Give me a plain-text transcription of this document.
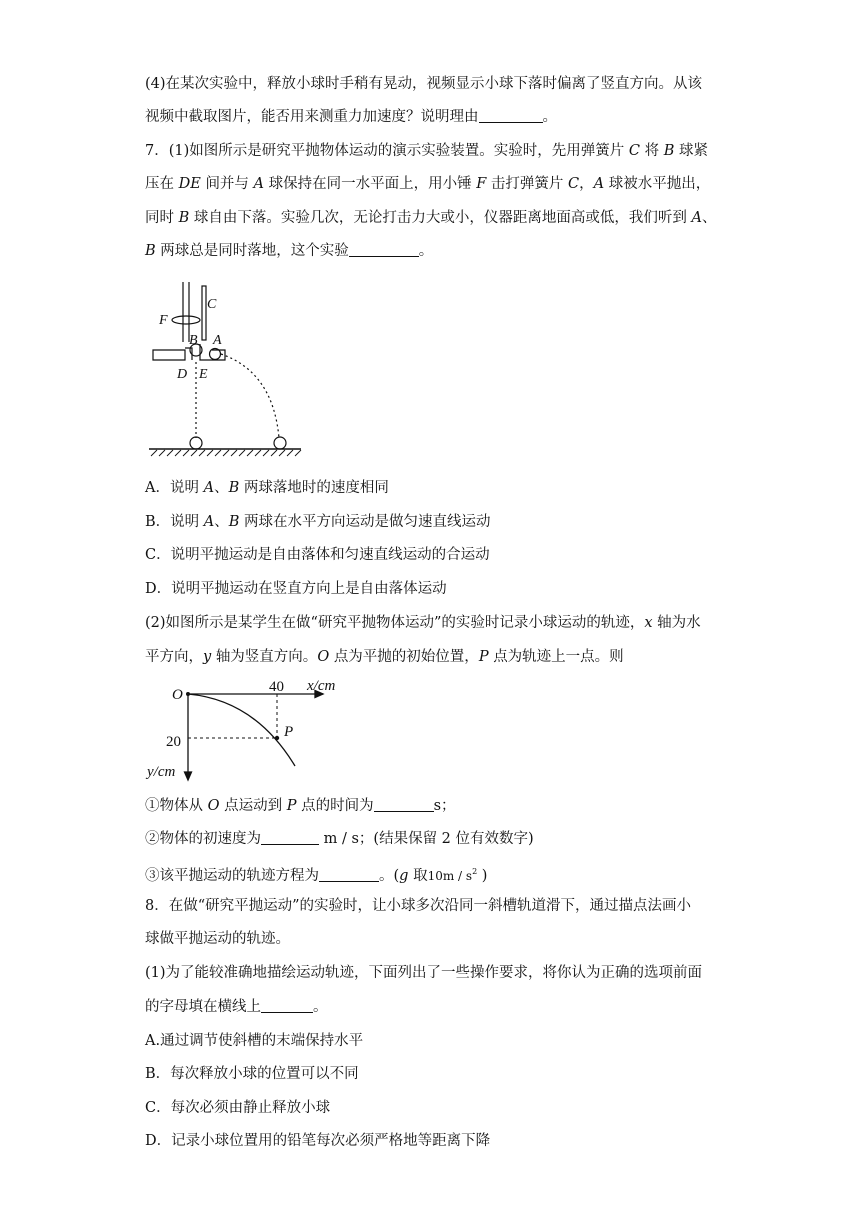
(4)在某次实验中，释放小球时手稍有晃动，视频显示小球下落时偏离了竖直方向。从该
视频中截取图片，能否用来测重力加速度？说明理由	。
7．(1)如图所示是研究平抛物体运动的演示实验装置。实验时，先用弹簧片 C 将 B 球紧
压在 DE 间并与 A 球保持在同一水平面上，用小锤 F 击打弹簧片 C，A 球被水平抛出，
同时 B 球自由下落。实验几次，无论打击力大或小，仪器距离地面高或低，我们听到 A、
B 两球总是同时落地，这个实验	。
C
F
B A
D E
A．说明 A、B 两球落地时的速度相同
B．说明 A、B 两球在水平方向运动是做匀速直线运动
C．说明平抛运动是自由落体和匀速直线运动的合运动
D．说明平抛运动在竖直方向上是自由落体运动
(2)如图所示是某学生在做“研究平抛物体运动”的实验时记录小球运动的轨迹，x 轴为水
平方向，y 轴为竖直方向。O 点为平抛的初始位置，P 点为轨迹上一点。则
O	40 x/cm
20
P
y/cm
①物体从 O 点运动到 P 点的时间为	s；
②物体的初速度为	m / s；(结果保留 2 位有效数字)
③该平抛运动的轨迹方程为	。(g 取$10m / s^2$ )
8．在做“研究平抛运动”的实验时，让小球多次沿同一斜槽轨道滑下，通过描点法画小
球做平抛运动的轨迹。
(1)为了能较准确地描绘运动轨迹，下面列出了一些操作要求，将你认为正确的选项前面
的字母填在横线上	。
A.通过调节使斜槽的末端保持水平
B．每次释放小球的位置可以不同
C．每次必须由静止释放小球
D．记录小球位置用的铅笔每次必须严格地等距离下降
